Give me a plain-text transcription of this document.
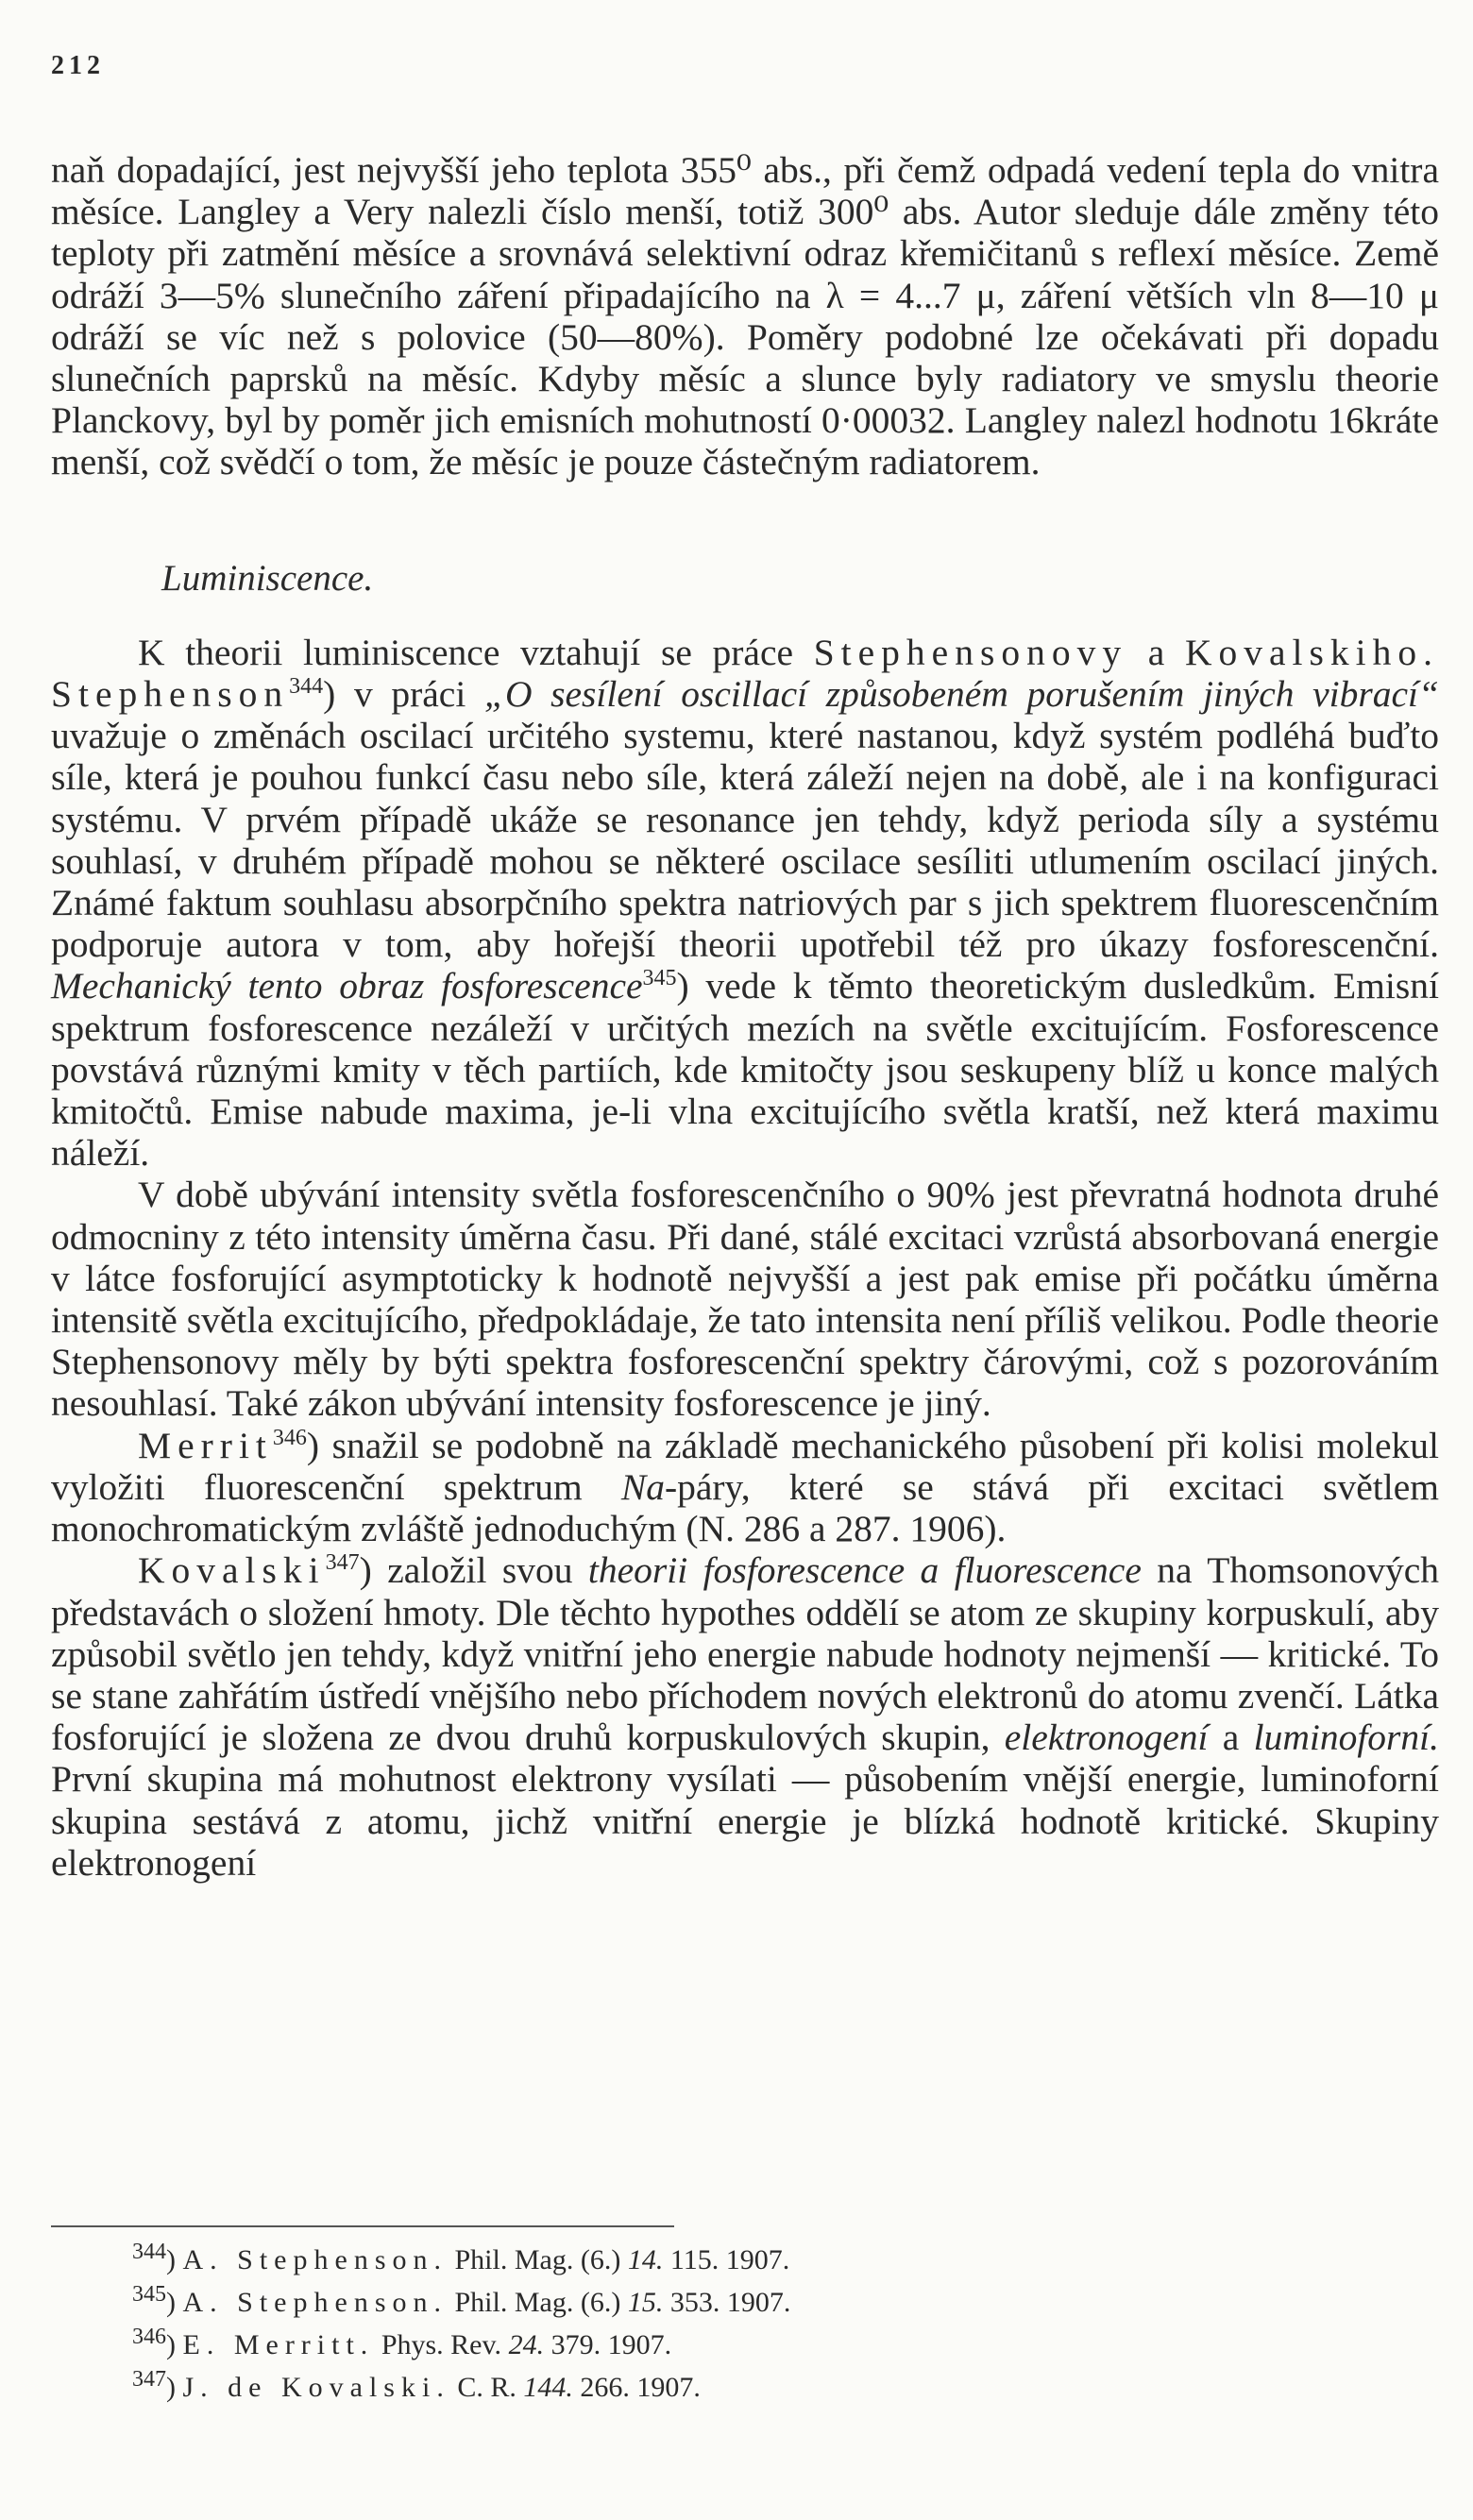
212

naň dopadající, jest nejvyšší jeho teplota 355⁰ abs., při čemž odpadá vedení tepla do vnitra měsíce. Langley a Very nalezli číslo menší, totiž 300⁰ abs. Autor sleduje dále změny této teploty při zatmění měsíce a srovnává selektivní odraz křemičitanů s reflexí měsíce. Země odráží 3—5% slunečního záření připadajícího na λ = 4...7 μ, záření větších vln 8—10 μ odráží se víc než s polovice (50—80%). Poměry podobné lze očekávati při dopadu slunečních paprsků na měsíc. Kdyby měsíc a slunce byly radiatory ve smyslu theorie Planckovy, byl by poměr jich emisních mohutností 0·00032. Langley nalezl hodnotu 16kráte menší, což svědčí o tom, že měsíc je pouze částečným radiatorem.

Luminiscence.

K theorii luminiscence vztahují se práce Stephensonovy a Kovalskiho. Stephenson$^{344}$) v práci „O sesílení oscillací způsobeném porušením jiných vibrací“ uvažuje o změnách oscilací určitého systemu, které nastanou, když systém podléhá buďto síle, která je pouhou funkcí času nebo síle, která záleží nejen na době, ale i na konfiguraci systému. V prvém případě ukáže se resonance jen tehdy, když perioda síly a systému souhlasí, v druhém případě mohou se některé oscilace sesíliti utlumením oscilací jiných. Známé faktum souhlasu absorpčního spektra natriových par s jich spektrem fluorescenčním podporuje autora v tom, aby hořejší theorii upotřebil též pro úkazy fosforescenční. Mechanický tento obraz fosforescence$^{345}$) vede k těmto theoretickým dusledkům. Emisní spektrum fosforescence nezáleží v určitých mezích na světle excitujícím. Fosforescence povstává různými kmity v těch partiích, kde kmitočty jsou seskupeny blíž u konce malých kmitočtů. Emise nabude maxima, je-li vlna excitujícího světla kratší, než která maximu náleží.

V době ubývání intensity světla fosforescenčního o 90% jest převratná hodnota druhé odmocniny z této intensity úměrna času. Při dané, stálé excitaci vzrůstá absorbovaná energie v látce fosforující asymptoticky k hodnotě nejvyšší a jest pak emise při počátku úměrna intensitě světla excitujícího, předpokládaje, že tato intensita není příliš velikou. Podle theorie Stephensonovy měly by býti spektra fosforescenční spektry čárovými, což s pozorováním nesouhlasí. Také zákon ubývání intensity fosforescence je jiný.

Merrit$^{346}$) snažil se podobně na základě mechanického působení při kolisi molekul vyložiti fluorescenční spektrum Na-páry, které se stává při excitaci světlem monochromatickým zvláště jednoduchým (N. 286 a 287. 1906).

Kovalski$^{347}$) založil svou theorii fosforescence a fluorescence na Thomsonových představách o složení hmoty. Dle těchto hypothes oddělí se atom ze skupiny korpuskulí, aby způsobil světlo jen tehdy, když vnitřní jeho energie nabude hodnoty nejmenší — kritické. To se stane zahřátím ústředí vnějšího nebo příchodem nových elektronů do atomu zvenčí. Látka fosforující je složena ze dvou druhů korpuskulových skupin, elektronogení a luminoforní. První skupina má mohutnost elektrony vysílati — působením vnější energie, luminoforní skupina sestává z atomu, jichž vnitřní energie je blízká hodnotě kritické. Skupiny elektronogení

$^{344}$) A. Stephenson. Phil. Mag. (6.) 14. 115. 1907.
$^{345}$) A. Stephenson. Phil. Mag. (6.) 15. 353. 1907.
$^{346}$) E. Merritt. Phys. Rev. 24. 379. 1907.
$^{347}$) J. de Kovalski. C. R. 144. 266. 1907.
